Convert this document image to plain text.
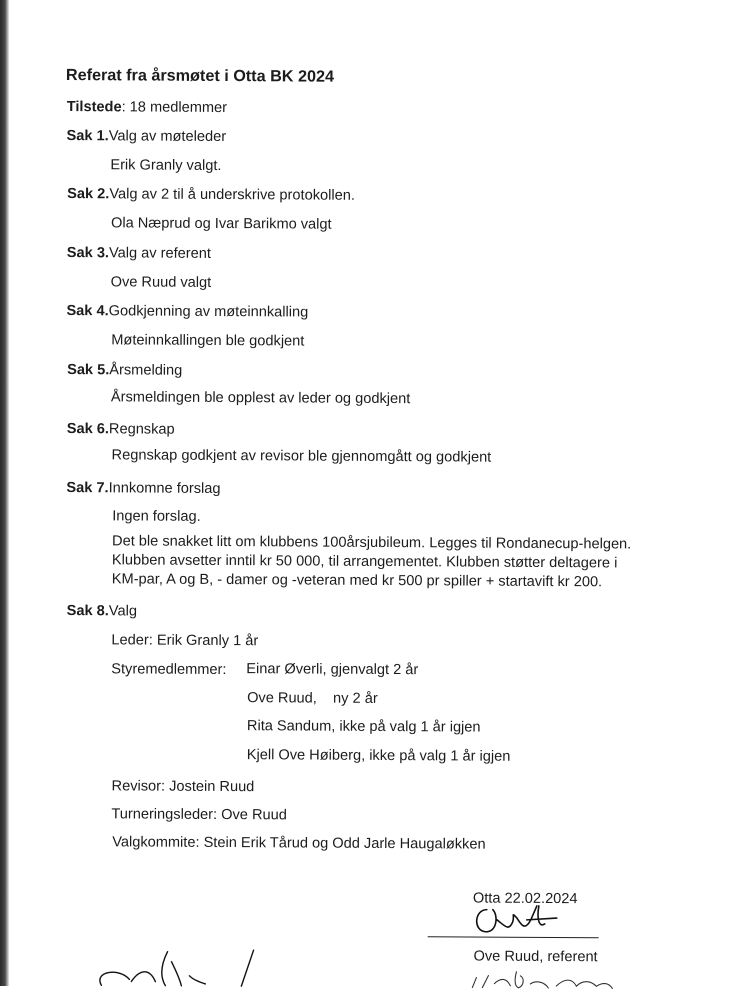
Referat fra årsmøtet i Otta BK 2024
Tilstede: 18 medlemmer
Sak 1.Valg av møteleder
Erik Granly valgt.
Sak 2.Valg av 2 til å underskrive protokollen.
Ola Næprud og Ivar Barikmo valgt
Sak 3.Valg av referent
Ove Ruud valgt
Sak 4.Godkjenning av møteinnkalling
Møteinnkallingen ble godkjent
Sak 5.Årsmelding
Årsmeldingen ble opplest av leder og godkjent
Sak 6.Regnskap
Regnskap godkjent av revisor ble gjennomgått og godkjent
Sak 7.Innkomne forslag
Ingen forslag.
Det ble snakket litt om klubbens 100årsjubileum. Legges til Rondanecup-helgen.
Klubben avsetter inntil kr 50 000, til arrangementet. Klubben støtter deltagere i
KM-par, A og B, - damer og -veteran med kr 500 pr spiller + startavift kr 200.
Sak 8.Valg
Leder: Erik Granly 1 år
Styremedlemmer: Einar Øverli, gjenvalgt 2 år
Ove Ruud,    ny 2 år
Rita Sandum, ikke på valg 1 år igjen
Kjell Ove Høiberg, ikke på valg 1 år igjen
Revisor: Jostein Ruud
Turneringsleder: Ove Ruud
Valgkommite: Stein Erik Tårud og Odd Jarle Haugaløkken
Otta 22.02.2024
Ove Ruud, referent
